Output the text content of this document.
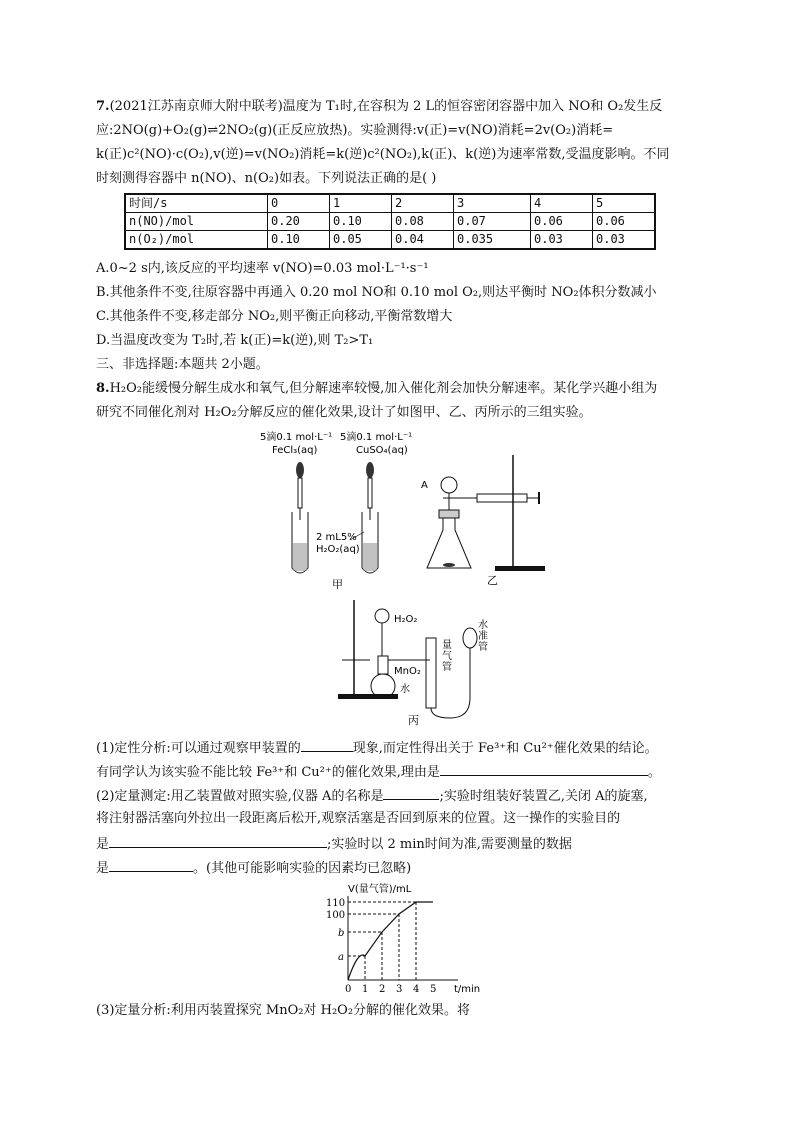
7.(2021江苏南京师大附中联考)温度为 T₁时,在容积为 2 L的恒容密闭容器中加入 NO和 O₂发生反
应:2NO(g)+O₂(g)⇌2NO₂(g)(正反应放热)。实验测得:v(正)=v(NO)消耗=2v(O₂)消耗=
k(正)c²(NO)·c(O₂),v(逆)=v(NO₂)消耗=k(逆)c²(NO₂),k(正)、k(逆)为速率常数,受温度影响。不同
时刻测得容器中 n(NO)、n(O₂)如表。下列说法正确的是( )
时间/s	0	1	2	3	4	5
n(NO)/mol	0.20	0.10	0.08	0.07	0.06	0.06
n(O₂)/mol	0.10	0.05	0.04	0.035	0.03	0.03
A.0~2 s内,该反应的平均速率 v(NO)=0.03 mol·L⁻¹·s⁻¹
B.其他条件不变,往原容器中再通入 0.20 mol NO和 0.10 mol O₂,则达平衡时 NO₂体积分数减小
C.其他条件不变,移走部分 NO₂,则平衡正向移动,平衡常数增大
D.当温度改变为 T₂时,若 k(正)=k(逆),则 T₂>T₁
三、非选择题:本题共 2小题。
8.H₂O₂能缓慢分解生成水和氧气,但分解速率较慢,加入催化剂会加快分解速率。某化学兴趣小组为
研究不同催化剂对 H₂O₂分解反应的催化效果,设计了如图甲、乙、丙所示的三组实验。
5滴0.1 mol·L⁻¹
FeCl₃(aq)
5滴0.1 mol·L⁻¹
CuSO₄(aq)
2 mL5%
H₂O₂(aq)
甲
A
乙
H₂O₂
MnO₂
水
量气管
水准管
丙
(1)定性分析:可以通过观察甲装置的	现象,而定性得出关于 Fe³⁺和 Cu²⁺催化效果的结论。
有同学认为该实验不能比较 Fe³⁺和 Cu²⁺的催化效果,理由是	。
(2)定量测定:用乙装置做对照实验,仪器 A的名称是	;实验时组装好装置乙,关闭 A的旋塞,
将注射器活塞向外拉出一段距离后松开,观察活塞是否回到原来的位置。这一操作的实验目的
是	;实验时以 2 min时间为准,需要测量的数据
是	。(其他可能影响实验的因素均已忽略)
V(量气管)/mL
t/min
0 1 2 3 4 5
a
b
100
110
(3)定量分析:利用丙装置探究 MnO₂对 H₂O₂分解的催化效果。将
